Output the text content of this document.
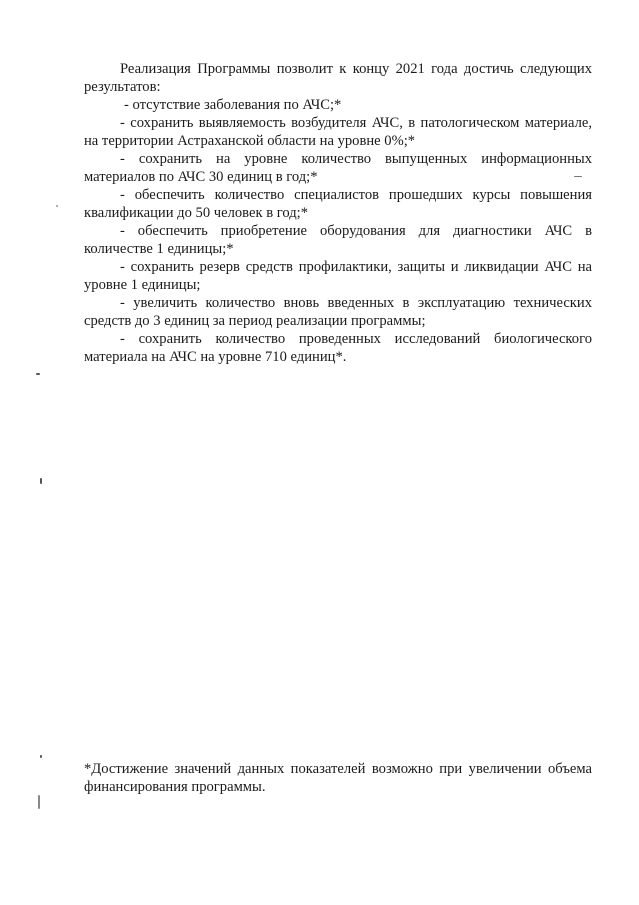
Реализация Программы позволит к концу 2021 года достичь следующих результатов:

- отсутствие заболевания по АЧС;*

- сохранить выявляемость возбудителя АЧС, в патологическом материале, на территории Астраханской области на уровне 0%;*

- сохранить на уровне количество выпущенных информационных материалов по АЧС 30 единиц в год;*

- обеспечить количество специалистов прошедших курсы повышения квалификации до 50 человек в год;*

- обеспечить приобретение оборудования для диагностики АЧС в количестве 1 единицы;*

- сохранить резерв средств профилактики, защиты и ликвидации АЧС на уровне 1 единицы;

- увеличить количество вновь введенных в эксплуатацию технических средств до 3 единиц за период реализации программы;

- сохранить количество проведенных исследований биологического материала на АЧС на уровне 710 единиц*.

*Достижение значений данных показателей возможно при увеличении объема финансирования программы.
